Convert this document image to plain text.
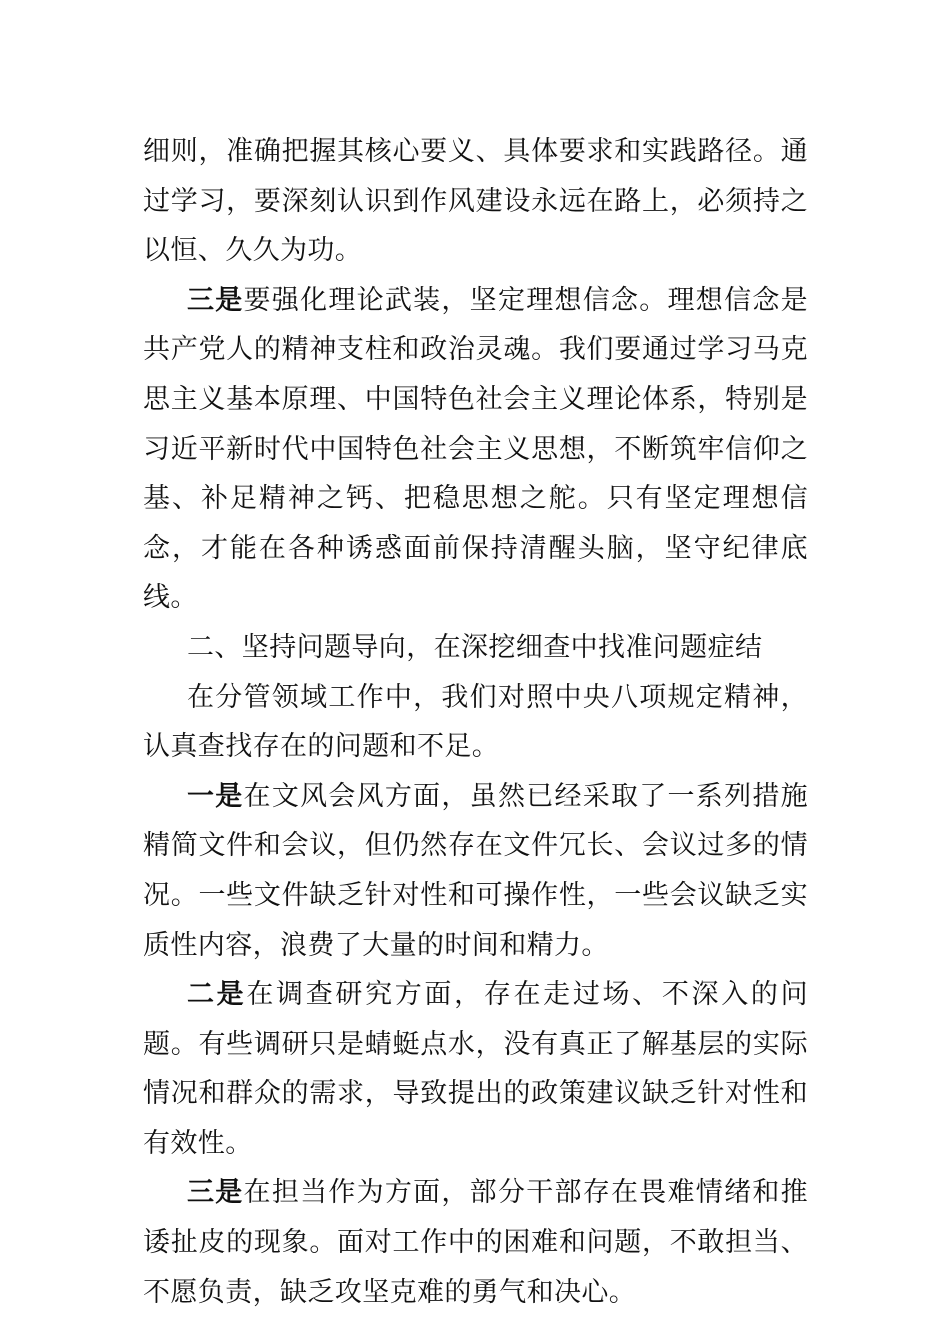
细则，准确把握其核心要义、具体要求和实践路径。通过学习，要深刻认识到作风建设永远在路上，必须持之以恒、久久为功。

三是要强化理论武装，坚定理想信念。理想信念是共产党人的精神支柱和政治灵魂。我们要通过学习马克思主义基本原理、中国特色社会主义理论体系，特别是习近平新时代中国特色社会主义思想，不断筑牢信仰之基、补足精神之钙、把稳思想之舵。只有坚定理想信念，才能在各种诱惑面前保持清醒头脑，坚守纪律底线。

二、坚持问题导向，在深挖细查中找准问题症结

在分管领域工作中，我们对照中央八项规定精神，认真查找存在的问题和不足。

一是在文风会风方面，虽然已经采取了一系列措施精简文件和会议，但仍然存在文件冗长、会议过多的情况。一些文件缺乏针对性和可操作性，一些会议缺乏实质性内容，浪费了大量的时间和精力。

二是在调查研究方面，存在走过场、不深入的问题。有些调研只是蜻蜓点水，没有真正了解基层的实际情况和群众的需求，导致提出的政策建议缺乏针对性和有效性。

三是在担当作为方面，部分干部存在畏难情绪和推诿扯皮的现象。面对工作中的困难和问题，不敢担当、不愿负责，缺乏攻坚克难的勇气和决心。
